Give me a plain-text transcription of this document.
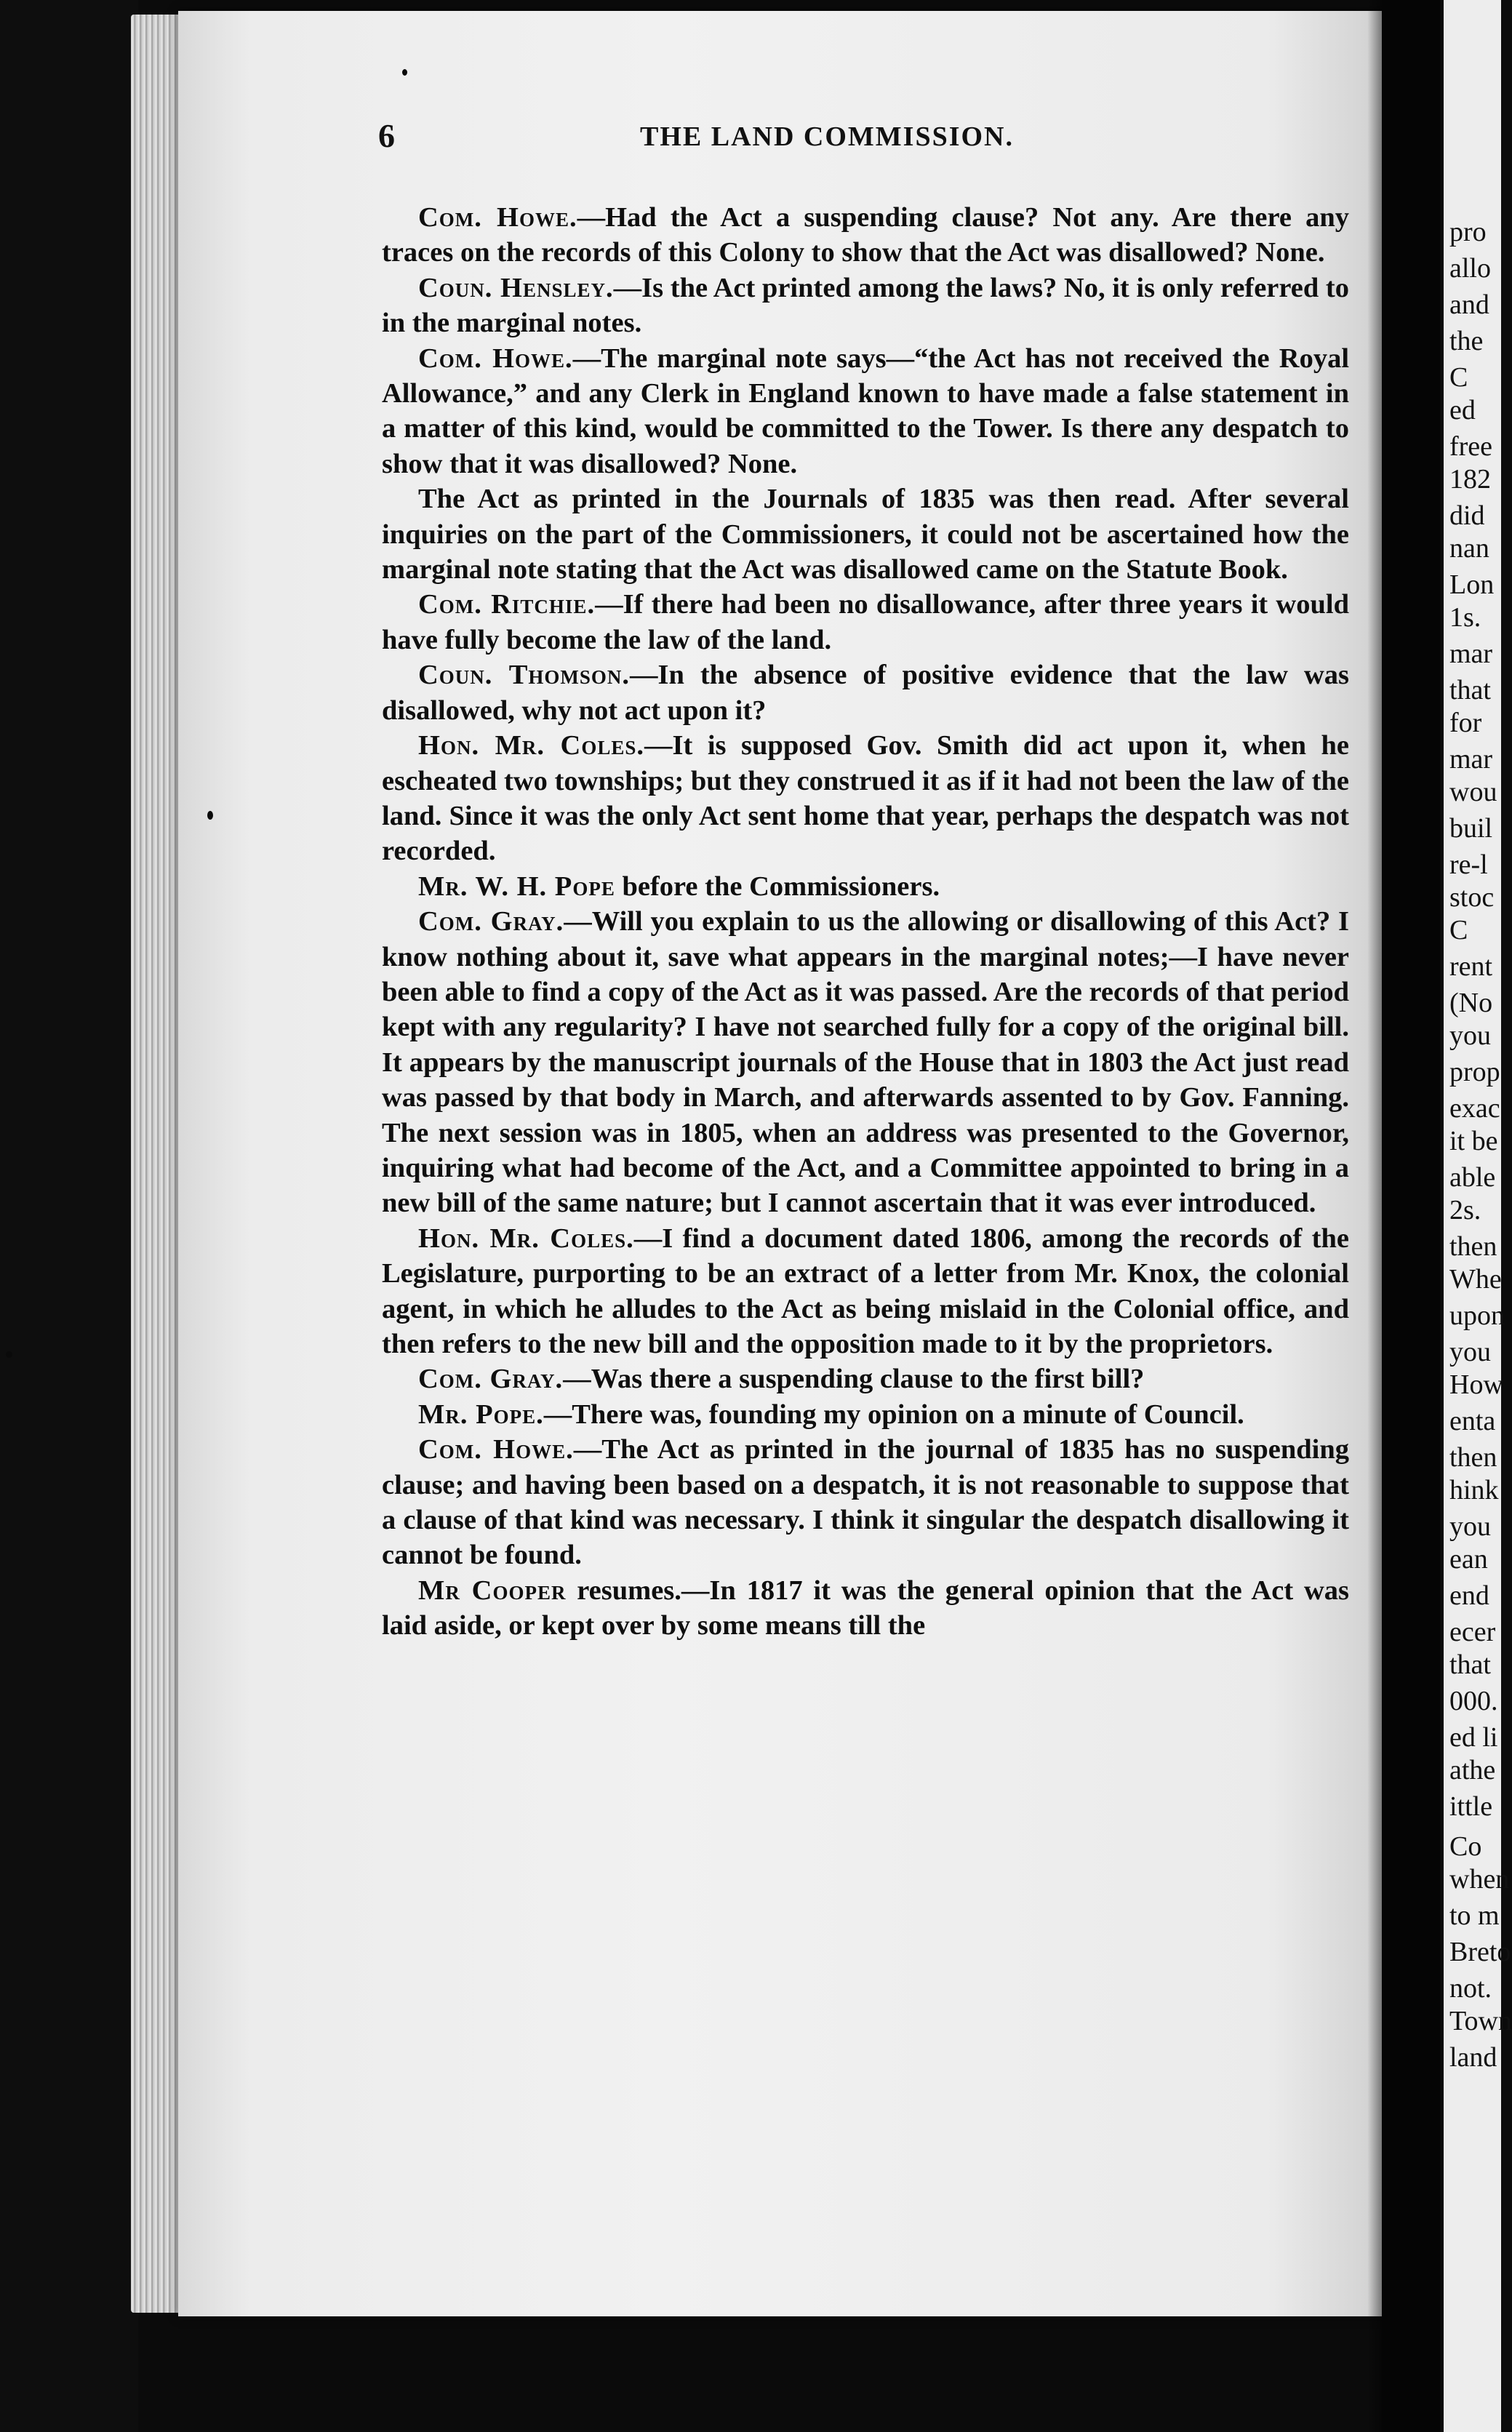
pro
allo
and
the
C
ed
free
182
did
nan
Lon
1s.
mar
that
for
mar
wou
buil
re-l
stoc
C
rent
(No
you
prop
exac
it be
able
2s.
then
Whe
upon
you
How
enta
then
hink
you
ean
end
ecer
that
000.
ed li
athe
ittle
Co
when
to m
Breto
not.
Town
land
6	THE LAND COMMISSION.

Com. Howe.—Had the Act a suspending clause? Not any. Are there any traces on the records of this Colony to show that the Act was disallowed? None.

Coun. Hensley.—Is the Act printed among the laws? No, it is only referred to in the marginal notes.

Com. Howe.—The marginal note says—“the Act has not received the Royal Allowance,” and any Clerk in England known to have made a false statement in a matter of this kind, would be committed to the Tower. Is there any despatch to show that it was disallowed? None.

The Act as printed in the Journals of 1835 was then read. After several inquiries on the part of the Commissioners, it could not be ascertained how the marginal note stating that the Act was disallowed came on the Statute Book.

Com. Ritchie.—If there had been no disallowance, after three years it would have fully become the law of the land.

Coun. Thomson.—In the absence of positive evidence that the law was disallowed, why not act upon it?

Hon. Mr. Coles.—It is supposed Gov. Smith did act upon it, when he escheated two townships; but they construed it as if it had not been the law of the land. Since it was the only Act sent home that year, perhaps the despatch was not recorded.

Mr. W. H. Pope before the Commissioners.

Com. Gray.—Will you explain to us the allowing or disallowing of this Act? I know nothing about it, save what appears in the marginal notes;—I have never been able to find a copy of the Act as it was passed. Are the records of that period kept with any regularity? I have not searched fully for a copy of the original bill. It appears by the manuscript journals of the House that in 1803 the Act just read was passed by that body in March, and afterwards assented to by Gov. Fanning. The next session was in 1805, when an address was presented to the Governor, inquiring what had become of the Act, and a Committee appointed to bring in a new bill of the same nature; but I cannot ascertain that it was ever introduced.

Hon. Mr. Coles.—I find a document dated 1806, among the records of the Legislature, purporting to be an extract of a letter from Mr. Knox, the colonial agent, in which he alludes to the Act as being mislaid in the Colonial office, and then refers to the new bill and the opposition made to it by the proprietors.

Com. Gray.—Was there a suspending clause to the first bill?

Mr. Pope.—There was, founding my opinion on a minute of Council.

Com. Howe.—The Act as printed in the journal of 1835 has no suspending clause; and having been based on a despatch, it is not reasonable to suppose that a clause of that kind was necessary. I think it singular the despatch disallowing it cannot be found.

Mr Cooper resumes.—In 1817 it was the general opinion that the Act was laid aside, or kept over by some means till the
